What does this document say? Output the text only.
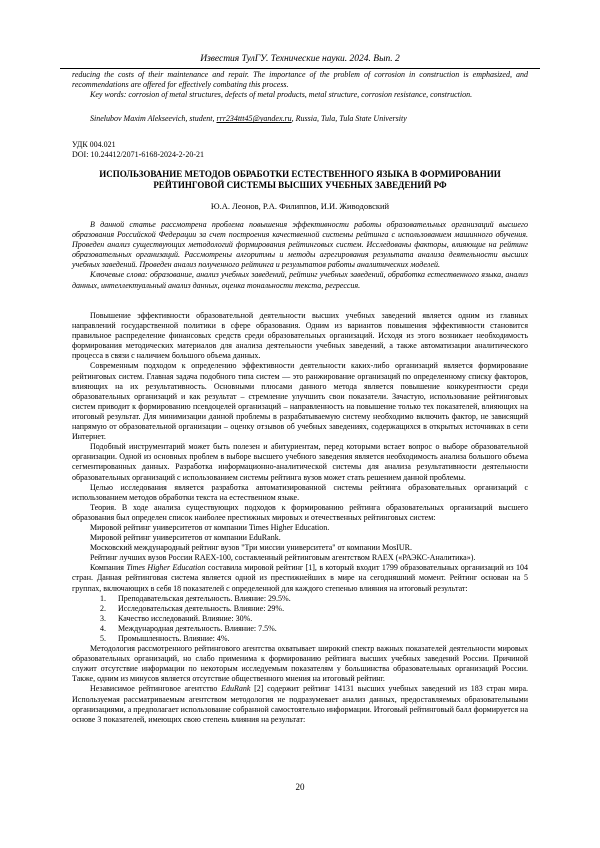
Известия ТулГУ. Технические науки. 2024. Вып. 2

reducing the costs of their maintenance and repair. The importance of the problem of corrosion in construction is emphasized, and recommendations are offered for effectively combating this process.

Key words: corrosion of metal structures, defects of metal products, metal structure, corrosion resistance, construction.

Sinelubov Maxim Alekseevich, student, rrr234ttt45@yandex.ru, Russia, Tula, Tula State University

УДК 004.021

DOI: 10.24412/2071-6168-2024-2-20-21

ИСПОЛЬЗОВАНИЕ МЕТОДОВ ОБРАБОТКИ ЕСТЕСТВЕННОГО ЯЗЫКА В ФОРМИРОВАНИИ РЕЙТИНГОВОЙ СИСТЕМЫ ВЫСШИХ УЧЕБНЫХ ЗАВЕДЕНИЙ РФ
Ю.А. Леонов, Р.А. Филиппов, И.И. Живодовский

В данной статье рассмотрена проблема повышения эффективности работы образовательных организаций высшего образования Российской Федерации за счет построения качественной системы рейтинга с использованием машинного обучения. Проведен анализ существующих методологий формирования рейтинговых систем. Исследованы факторы, влияющие на рейтинг образовательных организаций. Рассмотрены алгоритмы и методы агрегирования результата анализа деятельности высших учебных заведений. Проведен анализ полученного рейтинга и результатов работы аналитических моделей.

Ключевые слова: образование, анализ учебных заведений, рейтинг учебных заведений, обработка естественного языка, анализ данных, интеллектуальный анализ данных, оценка тональности текста, регрессия.

Повышение эффективности образовательной деятельности высших учебных заведений является одним из главных направлений государственной политики в сфере образования. Одним из вариантов повышения эффективности становится правильное распределение финансовых средств среди образовательных организаций. Исходя из этого возникает необходимость формирования методических материалов для анализа деятельности учебных заведений, а также автоматизации аналитического процесса в связи с наличием большого объема данных.

Современным подходом к определению эффективности деятельности каких-либо организаций является формирование рейтинговых систем. Главная задача подобного типа систем — это ранжирование организаций по определенному списку факторов, влияющих на их результативность. Основными плюсами данного метода является повышение конкурентности среди образовательных организаций и как результат – стремление улучшить свои показатели. Зачастую, использование рейтинговых систем приводит к формированию псевдоцелей организаций – направленность на повышение только тех показателей, влияющих на итоговый результат. Для минимизации данной проблемы в разрабатываемую систему необходимо включить фактор, не зависящий напрямую от образовательной организации – оценку отзывов об учебных заведениях, содержащихся в открытых источниках в сети Интернет.

Подобный инструментарий может быть полезен и абитуриентам, перед которыми встает вопрос о выборе образовательной организации. Одной из основных проблем в выборе высшего учебного заведения является необходимость анализа большого объема сегментированных данных. Разработка информационно-аналитической системы для анализа результативности деятельности образовательных организаций с использованием системы рейтинга вузов может стать решением данной проблемы.

Целью исследования является разработка автоматизированной системы рейтинга образовательных организаций с использованием методов обработки текста на естественном языке.

Теория. В ходе анализа существующих подходов к формированию рейтинга образовательных организаций высшего образования был определен список наиболее престижных мировых и отечественных рейтинговых систем:

Мировой рейтинг университетов от компании Times Higher Education.

Мировой рейтинг университетов от компании EduRank.

Московский международный рейтинг вузов "Три миссии университета" от компании MosIUR.

Рейтинг лучших вузов России RAEX-100, составленный рейтинговым агентством RAEX («РАЭКС-Аналитика»).

Компания Times Higher Education составила мировой рейтинг [1], в который входит 1799 образовательных организаций из 104 стран. Данная рейтинговая система является одной из престижнейших в мире на сегодняшний момент. Рейтинг основан на 5 группах, включающих в себя 18 показателей с определенной для каждого степенью влияния на итоговый результат:

1. Преподавательская деятельность. Влияние: 29.5%.
2. Исследовательская деятельность. Влияние: 29%.
3. Качество исследований. Влияние: 30%.
4. Международная деятельность. Влияние: 7.5%.
5. Промышленность. Влияние: 4%.

Методология рассмотренного рейтингового агентства охватывает широкий спектр важных показателей деятельности мировых образовательных организаций, но слабо применима к формированию рейтинга высших учебных заведений России. Причиной служит отсутствие информации по некоторым исследуемым показателям у большинства образовательных организаций России. Также, одним из минусов является отсутствие общественного мнения на итоговый рейтинг.

Независимое рейтинговое агентство EduRank [2] содержит рейтинг 14131 высших учебных заведений из 183 стран мира. Используемая рассматриваемым агентством методология не подразумевает анализ данных, предоставляемых образовательными организациями, а предполагает использование собранной самостоятельно информации. Итоговый рейтинговый балл формируется на основе 3 показателей, имеющих свою степень влияния на результат:

20
